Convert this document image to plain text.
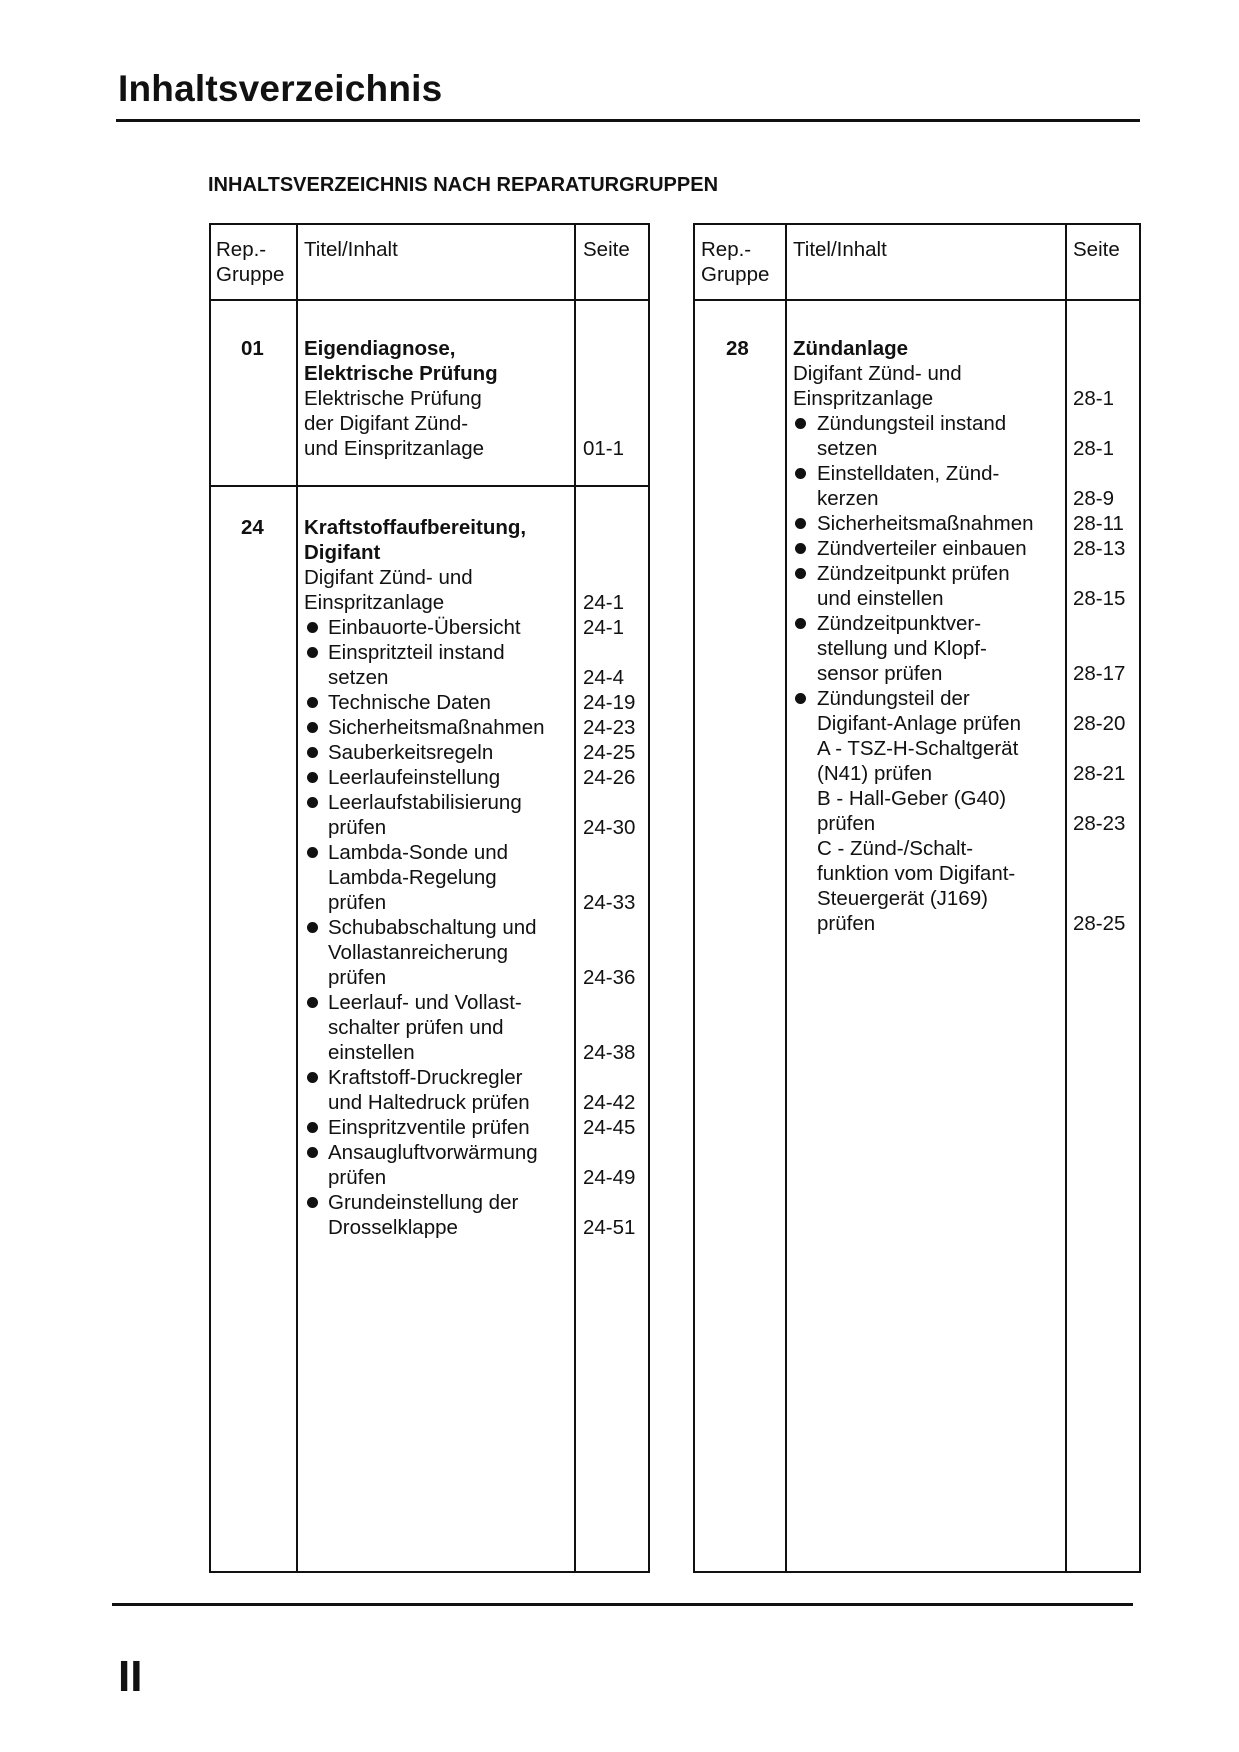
Inhaltsverzeichnis
INHALTSVERZEICHNIS NACH REPARATURGRUPPEN
Rep.-
Gruppe
Titel/Inhalt	Seite
01 Eigendiagnose,
Elektrische Prüfung
Elektrische Prüfung
der Digifant Zünd-
und Einspritzanlage	01-1
24 Kraftstoffaufbereitung,
Digifant
Digifant Zünd- und
Einspritzanlage	24-1
Einbauorte-Übersicht	24-1
Einspritzteil instand
setzen	24-4
Technische Daten	24-19
Sicherheitsmaßnahmen 24-23
Sauberkeitsregeln	24-25
Leerlaufeinstellung	24-26
Leerlaufstabilisierung
prüfen	24-30
Lambda-Sonde und
Lambda-Regelung
prüfen	24-33
Schubabschaltung und
Vollastanreicherung
prüfen	24-36
Leerlauf- und Vollast-
schalter prüfen und
einstellen	24-38
Kraftstoff-Druckregler
und Haltedruck prüfen	24-42
Einspritzventile prüfen	24-45
Ansaugluftvorwärmung
prüfen	24-49
Grundeinstellung der
Drosselklappe	24-51
Rep.-
Gruppe
Titel/Inhalt	Seite
28 Zündanlage
Digifant Zünd- und
Einspritzanlage	28-1
Zündungsteil instand
setzen	28-1
Einstelldaten, Zünd-
kerzen	28-9
Sicherheitsmaßnahmen 28-11
Zündverteiler einbauen 28-13
Zündzeitpunkt prüfen
und einstellen	28-15
Zündzeitpunktver-
stellung und Klopf-
sensor prüfen	28-17
Zündungsteil der
Digifant-Anlage prüfen	28-20
A - TSZ-H-Schaltgerät
(N41) prüfen	28-21
B - Hall-Geber (G40)
prüfen	28-23
C - Zünd-/Schalt-
funktion vom Digifant-
Steuergerät (J169)
prüfen	28-25
II
